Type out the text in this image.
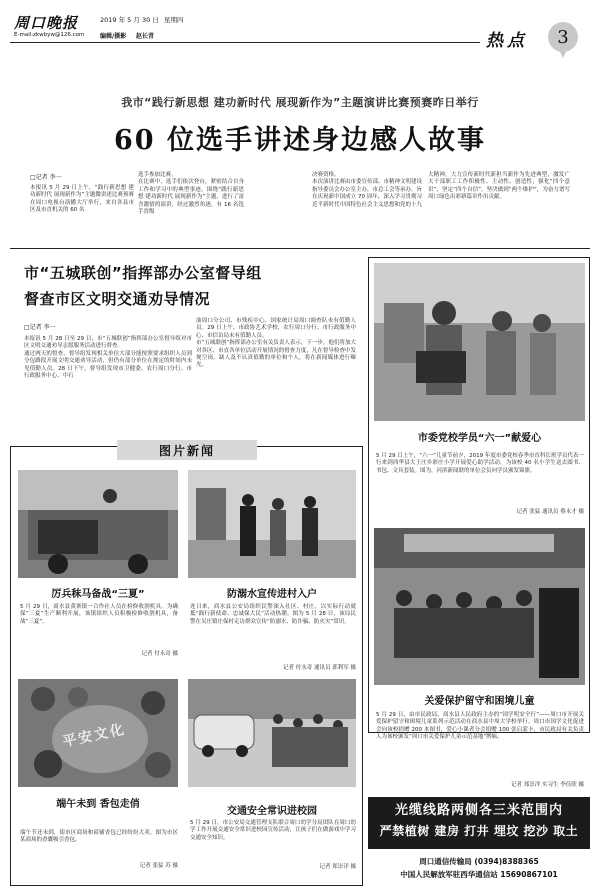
周口晚报	2019 年 5 月 30 日 星期四
E-mail:zkwbyw@126.com	编辑/摄影 赵长青	热点 3
我市“践行新思想 建功新时代 展现新作为”主题演讲比赛预赛昨日举行
60 位选手讲述身边感人故事
□记者 李一
本报讯 5 月 29 日上午，“践行新思想 建功新时代 展现新作为”主题微讲述比赛预赛在周口电视台演播大厅举行，来自各县市区及市直机关的 60 名
选手参加比赛。
在比赛中，选手们依次登台，紧密结合自身工作和学习中的典型事迹，围绕“践行新思想 建功新时代 展现新作为”主题，进行了富含激情的演讲，经过激烈角逐，有 16 名选手晋级
决赛资格。
本次演讲比赛由市委宣传部、市精神文明建设指导委员会办公室主办，市总工会等承办，旨在庆祝新中国成立 70 周年，深入学习贯彻习近平新时代中国特色社会主义思想和党的十九
大精神，大力宣传新时代新担当新作为先进典型，激发广大干部职工工作积极性、主动性、创造性，强化“四个意识”，坚定“四个自信”，坚决做到“两个维护”，为奋力谱写周口绿色出彩新篇章作出贡献。
市“五城联创”指挥部办公室督导组
督查市区文明交通劝导情况
□记者 李一
本报讯 5 月 28 日至 29 日，市“五城联创”指挥部办公室督导组对市区文明交通劝导志愿服务活动进行督查。
通过两天的督查，督导组发现相关单位大部分能按照要求组织人员到分包路段开展文明交通劝导活动，但仍有部分单位在规定的时间内未见值勤人员。28 日下午，督导组发现市卫健委、农行周口分行、市行政服务中心、中石
油周口分公司、市残疾中心、国家统计局周口调查队未有值勤人员。29 日上午，市政协艺术学校、农行周口分行、市行政服务中心、市信访局未有值勤人员。
市“五城联创”指挥部办公室有关负责人表示，下一步，他们将加大对各区、市直各单位活动开展情况的督查力度，凡在督导检查中发现空岗、缺人及不认真值勤的单位和个人，将在新闻媒体进行曝光。
市委党校学员“六一”献爱心
5 月 29 日上午，“六一”儿童节前夕，2019 年度市委党校春季市直科长班学员代表一行来到西华县大王庄乡彩庄小学开展爱心助学活动，为该校 40 名小学生送去图书、书包、文具套装。图为，河滨新闻联的单位会员向学员颁发锦旗。
记者 张猛 通讯员 蔡永才 摄
关爱保护留守和困境儿童
5 月 29 日，由市民政局、商水县人民政府主办的“国学明安全行”——周口市开展关爱保护留守和困境儿童系列示范活动在商水县中周大学校举行。周口市国学文化促进会向该校捐赠 200 本图书，爱心小课者分会捐赠 100 张启蒙卡，市民政局有关负责人为该校颁发“周口市关爱保护儿童示范基地”牌匾。
记者 郑崇洋 实习生 李佳欣 摄
图片新闻
厉兵秣马备战“三夏”
5 月 29 日，商水县黄寨镇一合作社人员在检修收割机具。为确保“三夏”生产顺利开展，该镇组织人员积极检修收割机具，备战“三夏”。
记者 付永奇 摄
防溺水宣传进村入户
连日来，商水县公安局组织民警深入社区、村庄，以实际行动就抵“践行新使命、忠诚保大民”活动热潮。图为 5 月 28 日，该局民警在吴庄镇庄保村走访群众宣传“防溺水、防诈骗、防火灾”常识。
记者 付永奇 通讯员 郭利军 摄
平安文化
端午未到 香包走俏
端午节还未到，街市区商场和商铺香包已经纷纷大卖。图为市区某商场的香囊吸引香包。
记者 张猛 苏 摄
交通安全常识进校园
5 月 29 日，市公安局交通管理支队联合周口幼学分局团队在周口幼学工作开展交通安全常识进校园宣传活动，让孩子们在做游戏中学习交通安全知识。
记者 郑崇洋 摄
光缆线路两侧各三米范围内
严禁植树 建房 打井 埋坟 挖沙 取土
周口通信传输局 (0394)8388365
中国人民解放军驻西华通信站 15690867101
